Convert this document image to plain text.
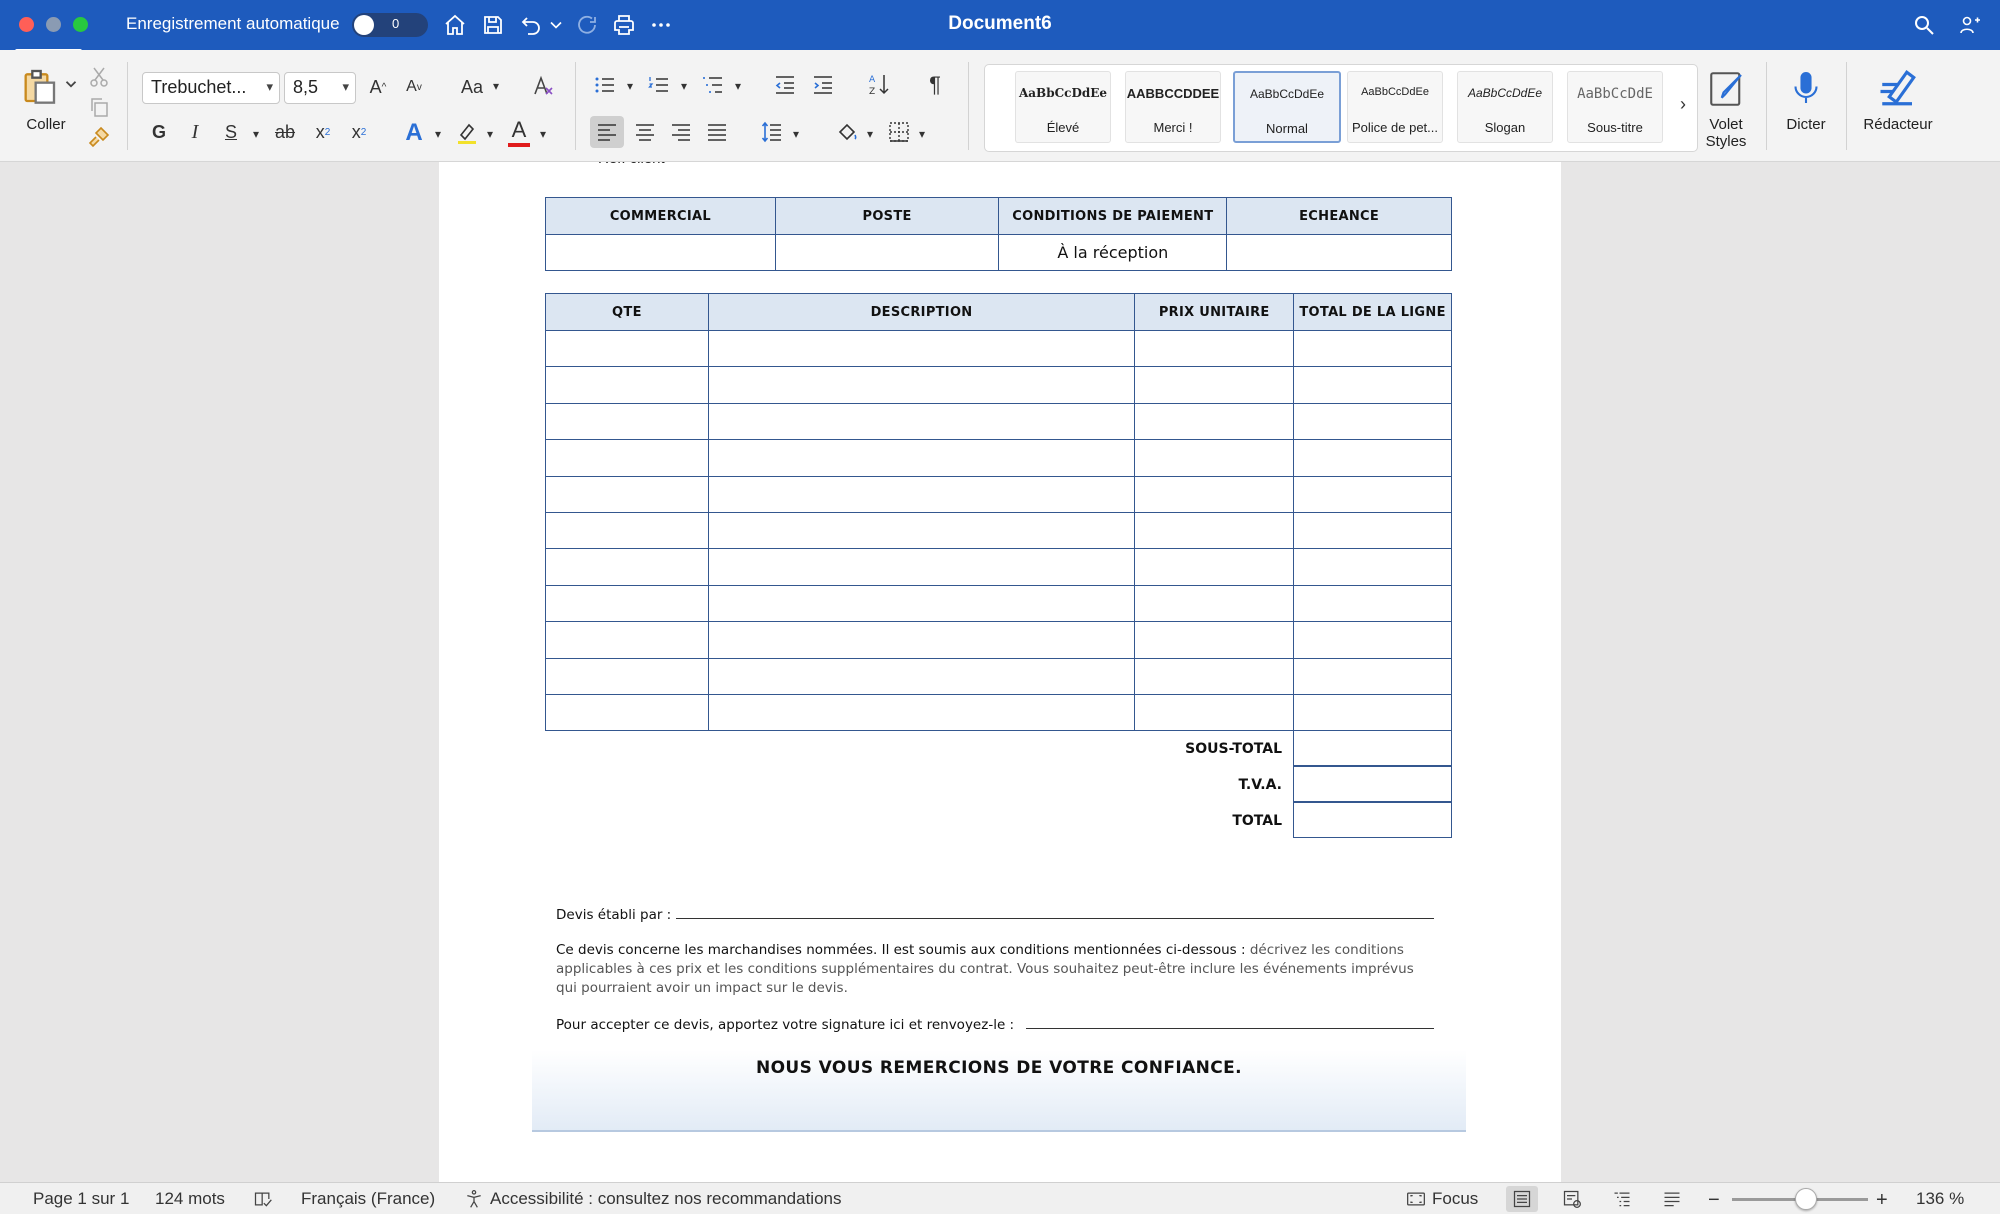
Enregistrement automatique	0	Document6
Coller
Trebuchet... ▾	8,5 ▾	A ^	A v Aa ▾
G I S	▾ ab x 2 x 2 A	▾	▾ A	▾
▾	▾	▾	A
Z	¶
▾	▾	▾
AaBbCcDdEe
Élevé
AABBCCDDEE
Merci !
AaBbCcDdEe
Normal
AaBbCcDdEe
Police de pet...
AaBbCcDdEe
Slogan
AaBbCcDdE
Sous-titre
›
Volet
Styles
Dicter	Rédacteur
COMMERCIAL	POSTE	CONDITIONS DE PAIEMENT	ECHEANCE
		À la réception	
QTE	DESCRIPTION	PRIX UNITAIRE	TOTAL DE LA LIGNE

SOUS-TOTAL
T.V.A.
TOTAL
Devis établi par :
Ce devis concerne les marchandises nommées. Il est soumis aux conditions mentionnées ci-dessous : décrivez les conditions applicables à ces prix et les conditions supplémentaires du contrat. Vous souhaitez peut-être inclure les événements imprévus qui pourraient avoir un impact sur le devis.
Pour accepter ce devis, apportez votre signature ici et renvoyez-le :
NOUS VOUS REMERCIONS DE VOTRE CONFIANCE.
Page 1 sur 1 124 mots	Français (France)	Accessibilité : consultez nos recommandations	Focus	−	+ 136 %
